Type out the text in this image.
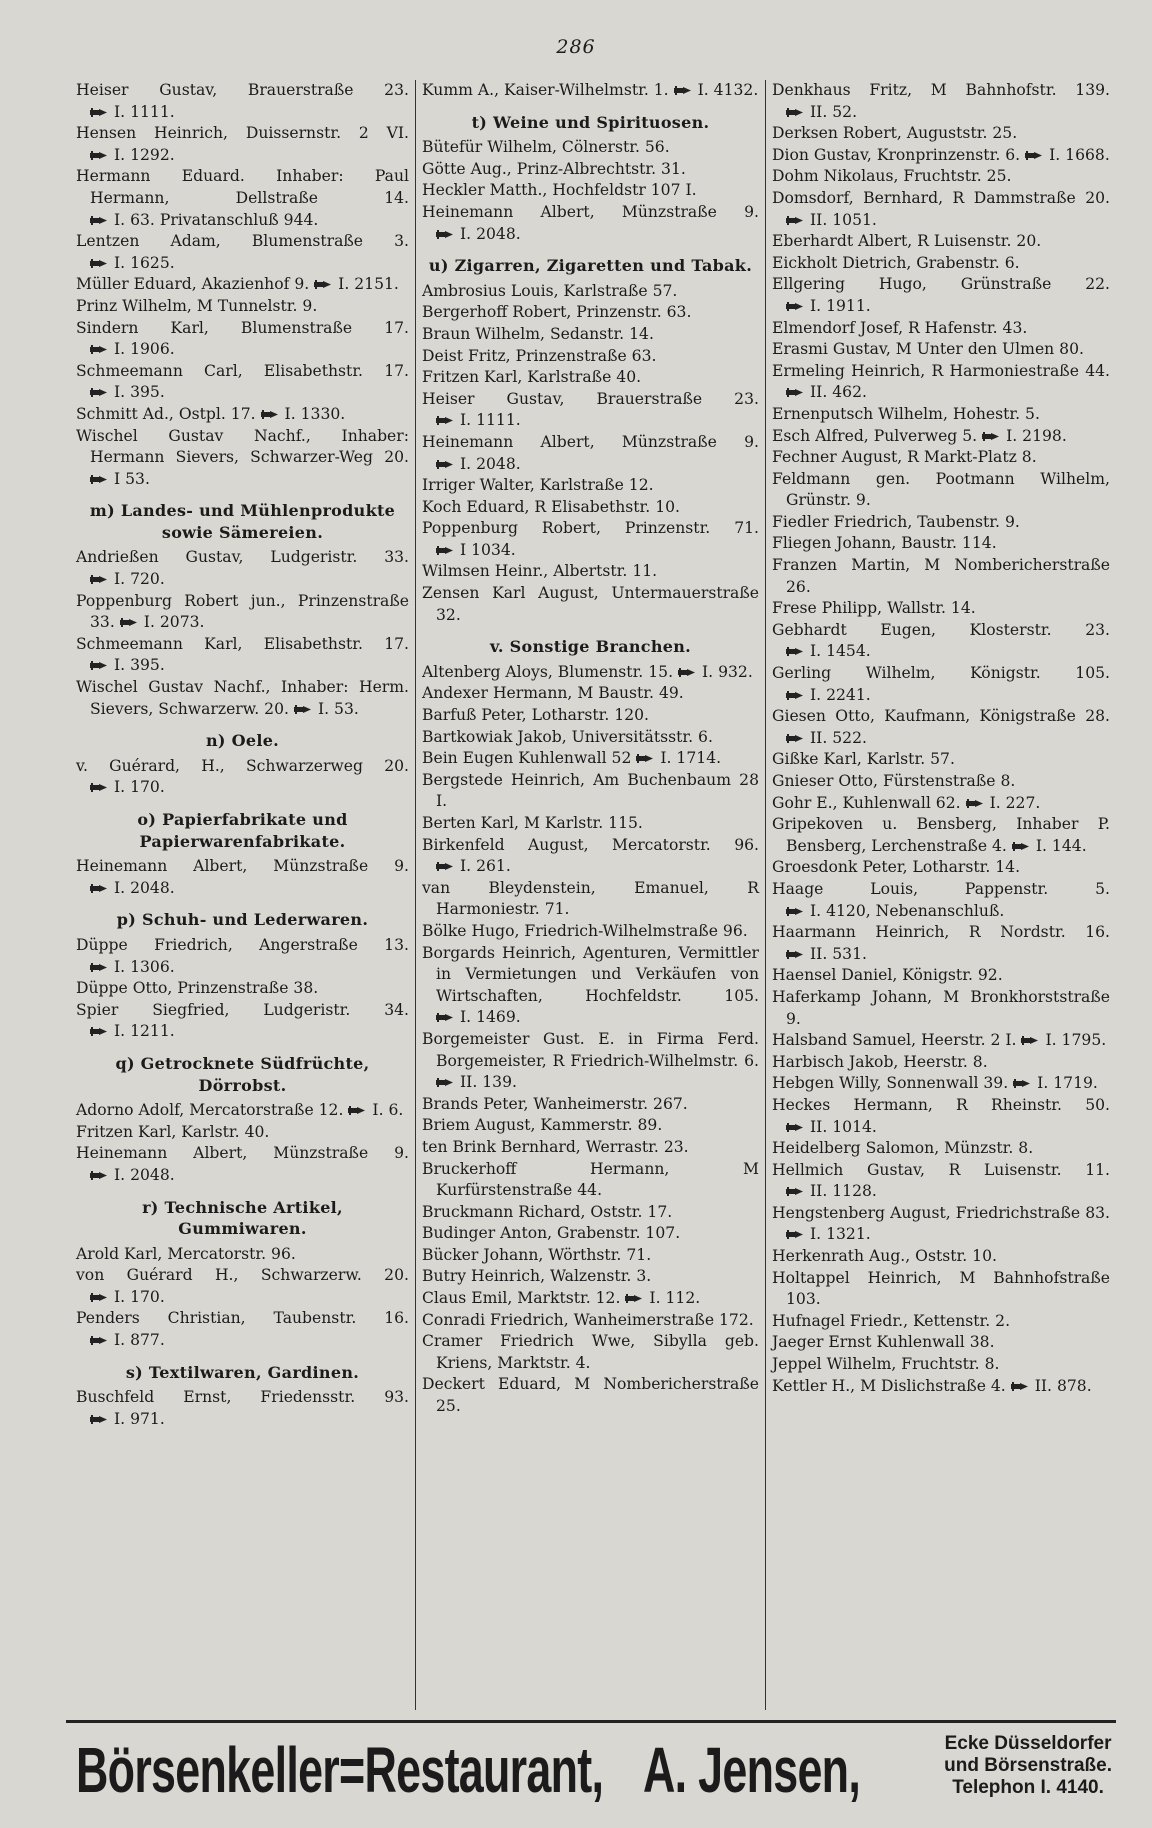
286
Heiser Gustav, Brauerstraße 23. I. 1111.
Hensen Heinrich, Duissernstr. 2 VI. I. 1292.
Hermann Eduard. Inhaber: Paul Hermann, Dellstraße 14. I. 63. Privatanschluß 944.
Lentzen Adam, Blumenstraße 3. I. 1625.
Müller Eduard, Akazienhof 9. I. 2151.
Prinz Wilhelm, M Tunnelstr. 9.
Sindern Karl, Blumenstraße 17. I. 1906.
Schmeemann Carl, Elisabethstr. 17. I. 395.
Schmitt Ad., Ostpl. 17. I. 1330.
Wischel Gustav Nachf., Inhaber: Hermann Sievers, Schwarzer-Weg 20. I 53.
m) Landes- und Mühlenprodukte sowie Sämereien.
Andrießen Gustav, Ludgeristr. 33. I. 720.
Poppenburg Robert jun., Prinzenstraße 33. I. 2073.
Schmeemann Karl, Elisabethstr. 17. I. 395.
Wischel Gustav Nachf., Inhaber: Herm. Sievers, Schwarzerw. 20. I. 53.
n) Oele.
v. Guérard, H., Schwarzerweg 20. I. 170.
o) Papierfabrikate und Papierwarenfabrikate.
Heinemann Albert, Münzstraße 9. I. 2048.
p) Schuh- und Lederwaren.
Düppe Friedrich, Angerstraße 13. I. 1306.
Düppe Otto, Prinzenstraße 38.
Spier Siegfried, Ludgeristr. 34. I. 1211.
q) Getrocknete Südfrüchte, Dörrobst.
Adorno Adolf, Mercatorstraße 12. I. 6.
Fritzen Karl, Karlstr. 40.
Heinemann Albert, Münzstraße 9. I. 2048.
r) Technische Artikel, Gummiwaren.
Arold Karl, Mercatorstr. 96.
von Guérard H., Schwarzerw. 20. I. 170.
Penders Christian, Taubenstr. 16. I. 877.
s) Textilwaren, Gardinen.
Buschfeld Ernst, Friedensstr. 93. I. 971.
Kumm A., Kaiser-Wilhelmstr. 1. I. 4132.
t) Weine und Spirituosen.
Bütefür Wilhelm, Cölnerstr. 56.
Götte Aug., Prinz-Albrechtstr. 31.
Heckler Matth., Hochfeldstr 107 I.
Heinemann Albert, Münzstraße 9. I. 2048.
u) Zigarren, Zigaretten und Tabak.
Ambrosius Louis, Karlstraße 57.
Bergerhoff Robert, Prinzenstr. 63.
Braun Wilhelm, Sedanstr. 14.
Deist Fritz, Prinzenstraße 63.
Fritzen Karl, Karlstraße 40.
Heiser Gustav, Brauerstraße 23. I. 1111.
Heinemann Albert, Münzstraße 9. I. 2048.
Irriger Walter, Karlstraße 12.
Koch Eduard, R Elisabethstr. 10.
Poppenburg Robert, Prinzenstr. 71. I 1034.
Wilmsen Heinr., Albertstr. 11.
Zensen Karl August, Untermauerstraße 32.
v. Sonstige Branchen.
Altenberg Aloys, Blumenstr. 15. I. 932.
Andexer Hermann, M Baustr. 49.
Barfuß Peter, Lotharstr. 120.
Bartkowiak Jakob, Universitätsstr. 6.
Bein Eugen Kuhlenwall 52 I. 1714.
Bergstede Heinrich, Am Buchenbaum 28 I.
Berten Karl, M Karlstr. 115.
Birkenfeld August, Mercatorstr. 96. I. 261.
van Bleydenstein, Emanuel, R Harmoniestr. 71.
Bölke Hugo, Friedrich-Wilhelmstraße 96.
Borgards Heinrich, Agenturen, Vermittler in Vermietungen und Verkäufen von Wirtschaften, Hochfeldstr. 105. I. 1469.
Borgemeister Gust. E. in Firma Ferd. Borgemeister, R Friedrich-Wilhelmstr. 6. II. 139.
Brands Peter, Wanheimerstr. 267.
Briem August, Kammerstr. 89.
ten Brink Bernhard, Werrastr. 23.
Bruckerhoff Hermann, M Kurfürstenstraße 44.
Bruckmann Richard, Oststr. 17.
Budinger Anton, Grabenstr. 107.
Bücker Johann, Wörthstr. 71.
Butry Heinrich, Walzenstr. 3.
Claus Emil, Marktstr. 12. I. 112.
Conradi Friedrich, Wanheimerstraße 172.
Cramer Friedrich Wwe, Sibylla geb. Kriens, Marktstr. 4.
Deckert Eduard, M Nombericherstraße 25.
Denkhaus Fritz, M Bahnhofstr. 139. II. 52.
Derksen Robert, Auguststr. 25.
Dion Gustav, Kronprinzenstr. 6. I. 1668.
Dohm Nikolaus, Fruchtstr. 25.
Domsdorf, Bernhard, R Dammstraße 20. II. 1051.
Eberhardt Albert, R Luisenstr. 20.
Eickholt Dietrich, Grabenstr. 6.
Ellgering Hugo, Grünstraße 22. I. 1911.
Elmendorf Josef, R Hafenstr. 43.
Erasmi Gustav, M Unter den Ulmen 80.
Ermeling Heinrich, R Harmoniestraße 44. II. 462.
Ernenputsch Wilhelm, Hohestr. 5.
Esch Alfred, Pulverweg 5. I. 2198.
Fechner August, R Markt-Platz 8.
Feldmann gen. Pootmann Wilhelm, Grünstr. 9.
Fiedler Friedrich, Taubenstr. 9.
Fliegen Johann, Baustr. 114.
Franzen Martin, M Nombericherstraße 26.
Frese Philipp, Wallstr. 14.
Gebhardt Eugen, Klosterstr. 23. I. 1454.
Gerling Wilhelm, Königstr. 105. I. 2241.
Giesen Otto, Kaufmann, Königstraße 28. II. 522.
Gißke Karl, Karlstr. 57.
Gnieser Otto, Fürstenstraße 8.
Gohr E., Kuhlenwall 62. I. 227.
Gripekoven u. Bensberg, Inhaber P. Bensberg, Lerchenstraße 4. I. 144.
Groesdonk Peter, Lotharstr. 14.
Haage Louis, Pappenstr. 5. I. 4120, Nebenanschluß.
Haarmann Heinrich, R Nordstr. 16. II. 531.
Haensel Daniel, Königstr. 92.
Haferkamp Johann, M Bronkhorststraße 9.
Halsband Samuel, Heerstr. 2 I. I. 1795.
Harbisch Jakob, Heerstr. 8.
Hebgen Willy, Sonnenwall 39. I. 1719.
Heckes Hermann, R Rheinstr. 50. II. 1014.
Heidelberg Salomon, Münzstr. 8.
Hellmich Gustav, R Luisenstr. 11. II. 1128.
Hengstenberg August, Friedrichstraße 83. I. 1321.
Herkenrath Aug., Oststr. 10.
Holtappel Heinrich, M Bahnhofstraße 103.
Hufnagel Friedr., Kettenstr. 2.
Jaeger Ernst Kuhlenwall 38.
Jeppel Wilhelm, Fruchtstr. 8.
Kettler H., M Dislichstraße 4. II. 878.
Börsenkeller=Restaurant, A. Jensen,	Ecke Düsseldorfer
und Börsenstraße.
Telephon I. 4140.
